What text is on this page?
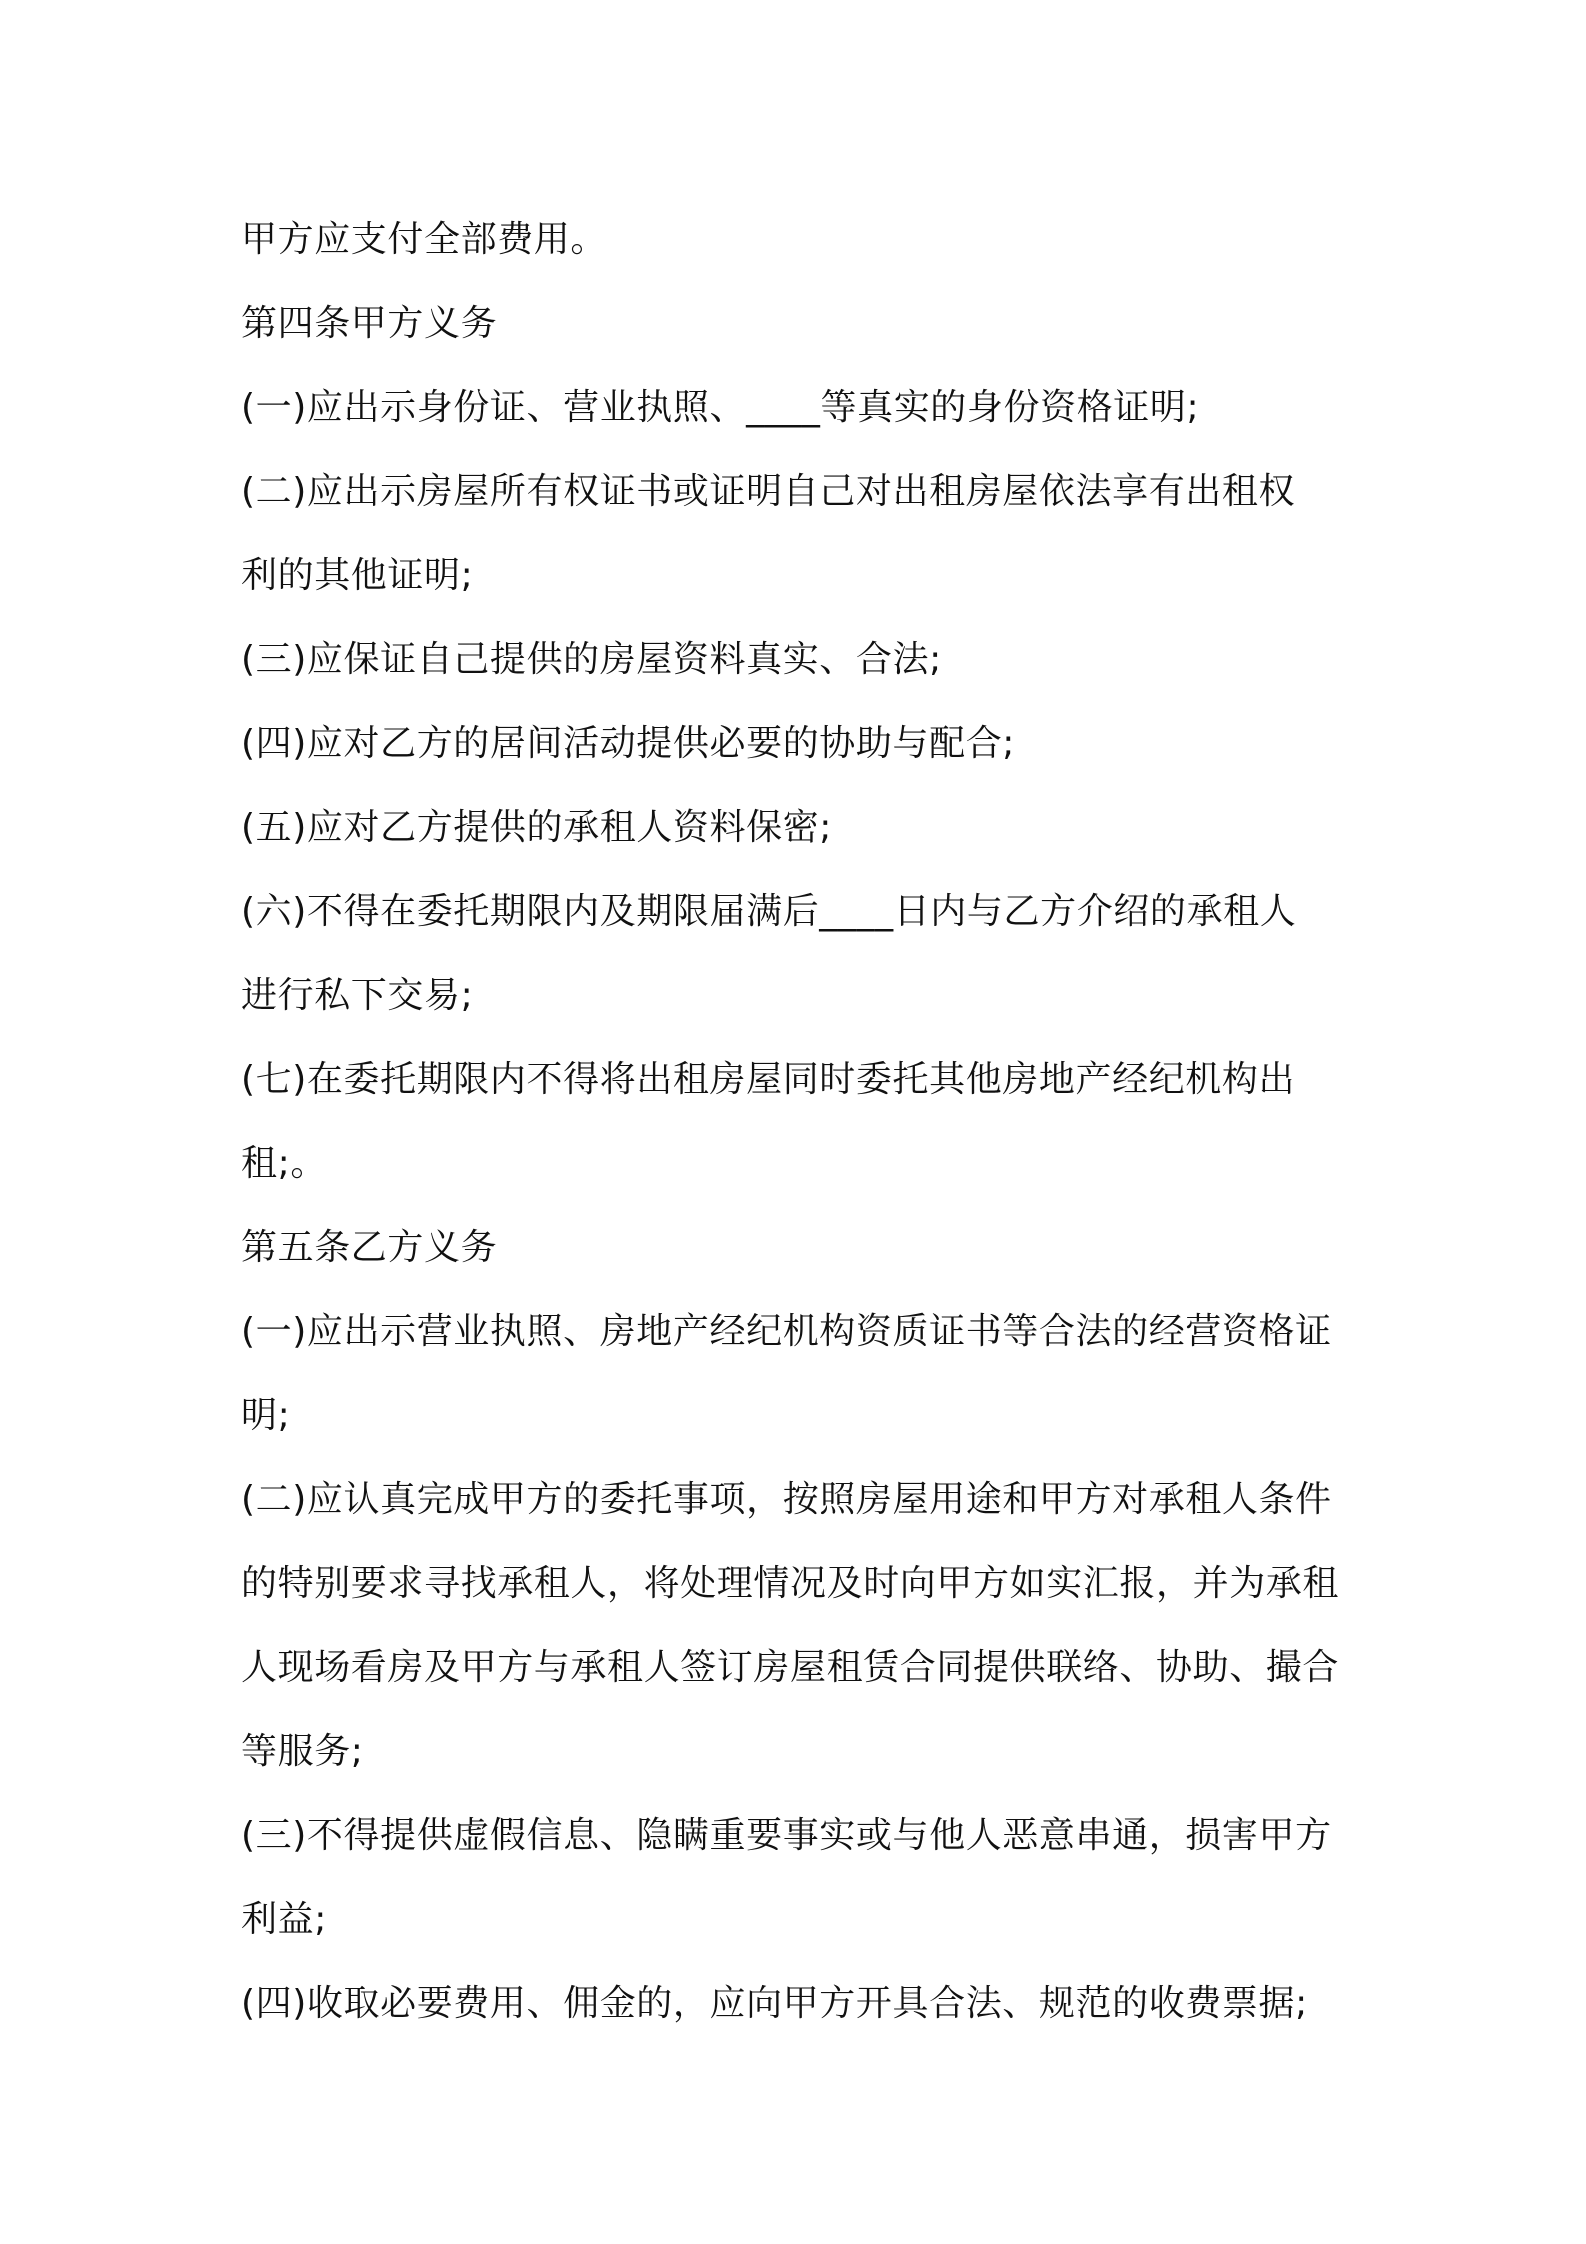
甲方应支付全部费用。
第四条甲方义务
(一)应出示身份证、营业执照、____等真实的身份资格证明;
(二)应出示房屋所有权证书或证明自己对出租房屋依法享有出租权
利的其他证明;
(三)应保证自己提供的房屋资料真实、合法;
(四)应对乙方的居间活动提供必要的协助与配合;
(五)应对乙方提供的承租人资料保密;
(六)不得在委托期限内及期限届满后____日内与乙方介绍的承租人
进行私下交易;
(七)在委托期限内不得将出租房屋同时委托其他房地产经纪机构出
租;。
第五条乙方义务
(一)应出示营业执照、房地产经纪机构资质证书等合法的经营资格证
明;
(二)应认真完成甲方的委托事项，按照房屋用途和甲方对承租人条件
的特别要求寻找承租人，将处理情况及时向甲方如实汇报，并为承租
人现场看房及甲方与承租人签订房屋租赁合同提供联络、协助、撮合
等服务;
(三)不得提供虚假信息、隐瞒重要事实或与他人恶意串通，损害甲方
利益;
(四)收取必要费用、佣金的，应向甲方开具合法、规范的收费票据;
